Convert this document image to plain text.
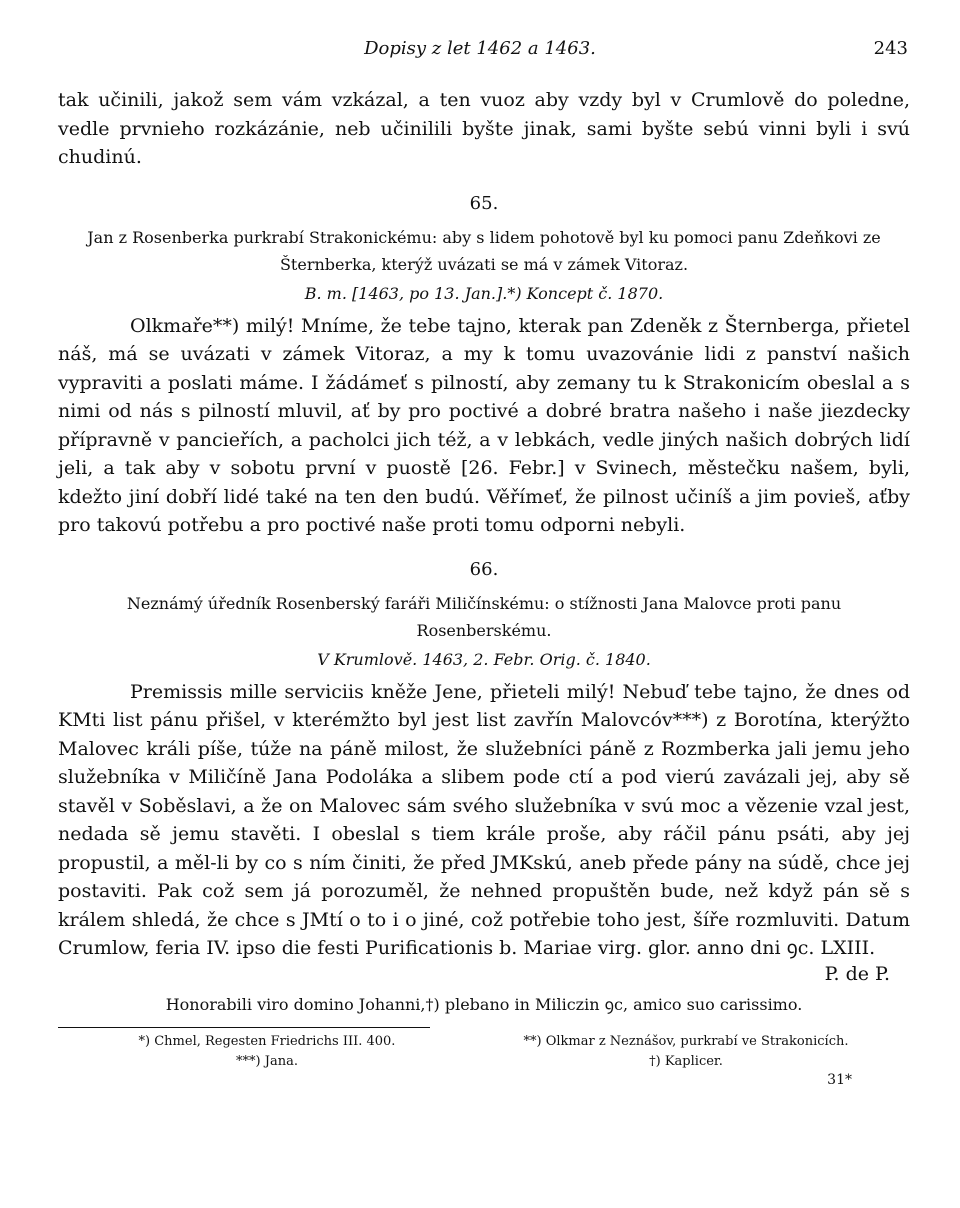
Dopisy z let 1462 a 1463.	243

tak učinili, jakož sem vám vzkázal, a ten vuoz aby vzdy byl v Crumlově do poledne, vedle prvnieho rozkázánie, neb učinilili byšte jinak, sami byšte sebú vinni byli i svú chudinú.

65.

Jan z Rosenberka purkrabí Strakonickému: aby s lidem pohotově byl ku pomoci panu Zdeňkovi ze Šternberka, kterýž uvázati se má v zámek Vitoraz.

B. m. [1463, po 13. Jan.].*) Koncept č. 1870.

Olkmaře**) milý! Mníme, že tebe tajno, kterak pan Zdeněk z Šternberga, přietel náš, má se uvázati v zámek Vitoraz, a my k tomu uvazovánie lidi z panství našich vypraviti a poslati máme. I žádámeť s pilností, aby zemany tu k Strakonicím obeslal a s nimi od nás s pilností mluvil, ať by pro poctivé a dobré bratra našeho i naše jiezdecky přípravně v pancieřích, a pacholci jich též, a v lebkách, vedle jiných našich dobrých lidí jeli, a tak aby v sobotu první v puostě [26. Febr.] v Svinech, městečku našem, byli, kdežto jiní dobří lidé také na ten den budú. Věřímeť, že pilnost učiníš a jim povieš, aťby pro takovú potřebu a pro poctivé naše proti tomu odporni nebyli.

66.

Neznámý úředník Rosenberský faráři Miličínskému: o stížnosti Jana Malovce proti panu Rosenberskému.

V Krumlově. 1463, 2. Febr. Orig. č. 1840.

Premissis mille serviciis kněže Jene, přieteli milý! Nebuď tebe tajno, že dnes od KMti list pánu přišel, v kterémžto byl jest list zavřín Malovcóv***) z Borotína, kterýžto Malovec králi píše, túže na páně milost, že služebníci páně z Rozmberka jali jemu jeho služebníka v Miličíně Jana Podoláka a slibem pode ctí a pod vierú zavázali jej, aby sě stavěl v Soběslavi, a že on Malovec sám svého služebníka v svú moc a vězenie vzal jest, nedada sě jemu stavěti. I obeslal s tiem krále proše, aby ráčil pánu psáti, aby jej propustil, a měl-li by co s ním činiti, že před JMKskú, aneb přede pány na súdě, chce jej postaviti. Pak což sem já porozuměl, že nehned propuštěn bude, než když pán sě s králem shledá, že chce s JMtí o to i o jiné, což potřebie toho jest, šíře rozmluviti. Datum Crumlow, feria IV. ipso die festi Purificationis b. Mariae virg. glor. anno dni ꝯc. LXIII.

P. de P.

Honorabili viro domino Johanni,†) plebano in Miliczin ꝯc, amico suo carissimo.

*) Chmel, Regesten Friedrichs III. 400.	**) Olkmar z Neznášov, purkrabí ve Strakonicích.
***) Jana.	†) Kaplicer.
31*
